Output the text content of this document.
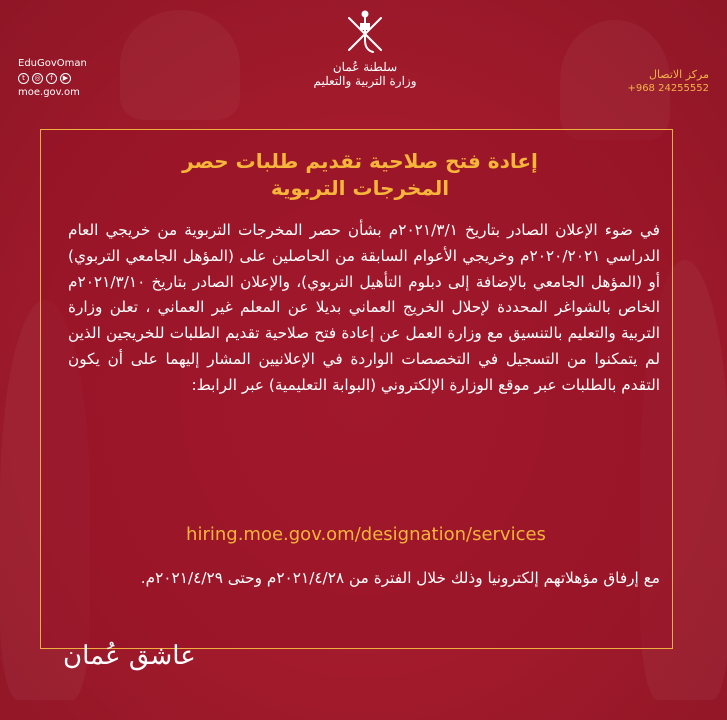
EduGovOman
t	◎	f	▶
moe.gov.om
مركز الاتصال
+968 24255552
سلطنة عُمان
وزارة التربية والتعليم
إعادة فتح صلاحية تقديم طلبات حصر
المخرجات التربوية
في ضوء الإعلان الصادر بتاريخ ٢٠٢١/٣/١م بشأن حصر المخرجات التربوية من خريجي العام الدراسي ٢٠٢٠/٢٠٢١م وخريجي الأعوام السابقة من الحاصلين على (المؤهل الجامعي التربوي) أو (المؤهل الجامعي بالإضافة إلى دبلوم التأهيل التربوي)، والإعلان الصادر بتاريخ ٢٠٢١/٣/١٠م الخاص بالشواغر المحددة لإحلال الخريج العماني بديلا عن المعلم غير العماني ، تعلن وزارة التربية والتعليم بالتنسيق مع وزارة العمل عن إعادة فتح صلاحية تقديم الطلبات للخريجين الذين لم يتمكنوا من التسجيل في التخصصات الواردة في الإعلانيين المشار إليهما على أن يكون التقدم بالطلبات عبر موقع الوزارة الإلكتروني (البوابة التعليمية) عبر الرابط:
hiring.moe.gov.om/designation/services
مع إرفاق مؤهلاتهم إلكترونيا وذلك خلال الفترة من ٢٠٢١/٤/٢٨م وحتى ٢٠٢١/٤/٢٩م.
عاشق عُمان
